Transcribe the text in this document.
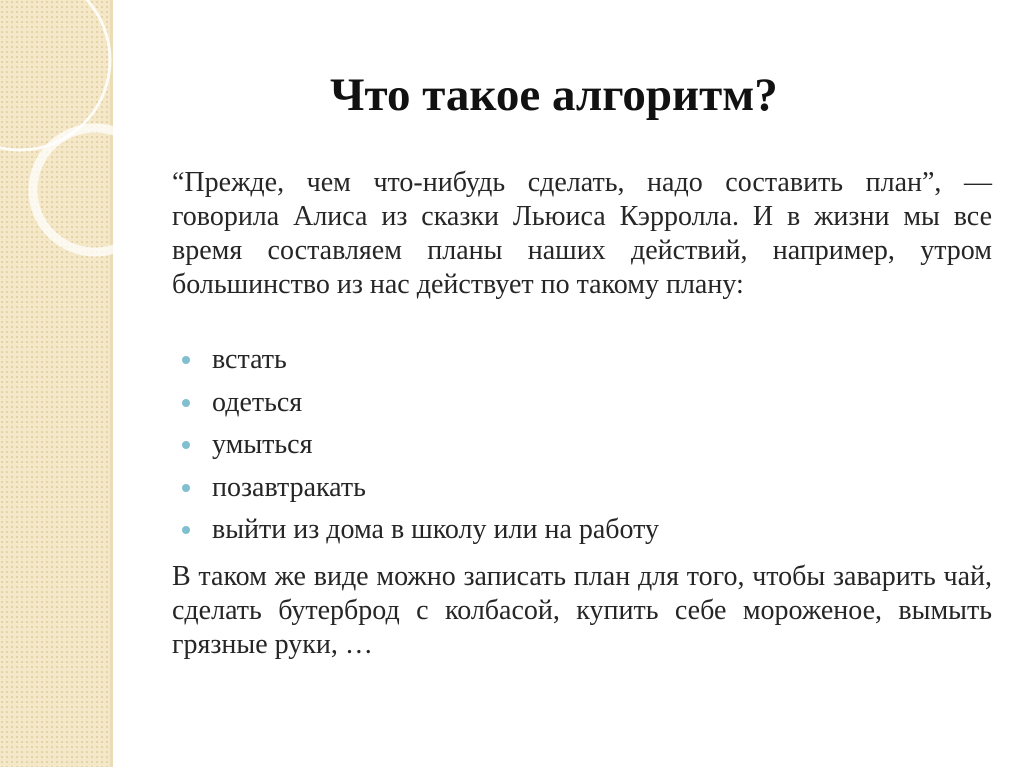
Что такое алгоритм?
“Прежде, чем что-нибудь сделать, надо составить план”, — говорила Алиса из сказки Льюиса Кэрролла. И в жизни мы все время составляем планы наших действий, например, утром большинство из нас действует по такому плану:
встать
одеться
умыться
позавтракать
выйти из дома в школу или на работу
В таком же виде можно записать план для того, чтобы заварить чай, сделать бутерброд с колбасой, купить себе мороженое, вымыть грязные руки, …
